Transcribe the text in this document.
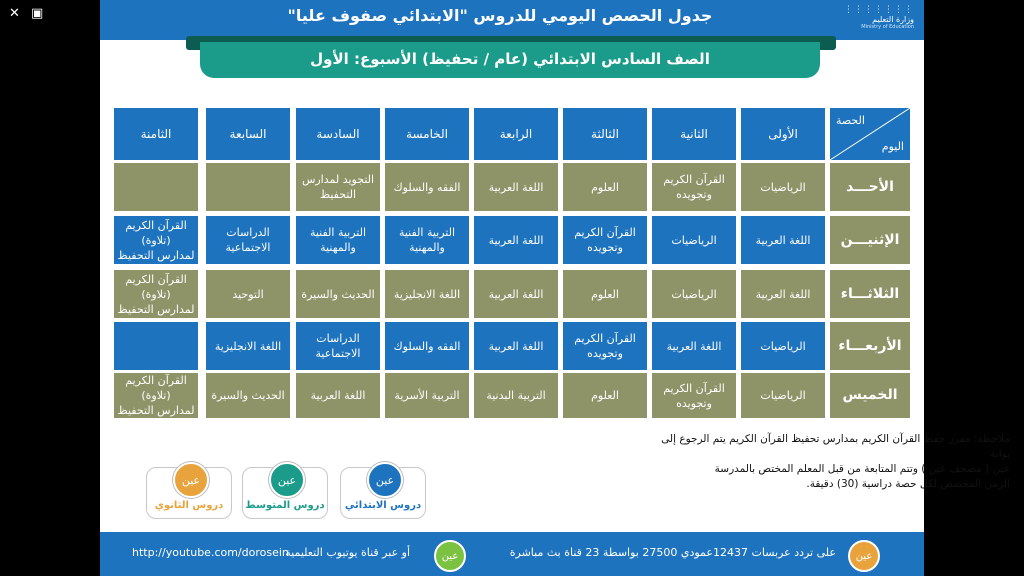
✕ ▣	جدول الحصص اليومي للدروس "الابتدائي صفوف عليا"	⋮⋮⋮⋮⋮⋮⋮
وزارة التعليم
Ministry of Education
الصف السادس الابتدائي (عام / تحفيظ) الأسبوع: الأول
الحصة
اليوم
الأولى
الثانية
الثالثة
الرابعة
الخامسة
السادسة
السابعة
الثامنة
الأحـــد
الرياضيات
القرآن الكريم
وتجويده
العلوم
اللغة العربية
الفقه والسلوك
التجويد لمدارس
التحفيظ
الإثنيـــن
اللغة العربية
الرياضيات
القرآن الكريم
وتجويده
اللغة العربية
التربية الفنية
والمهنية
التربية الفنية
والمهنية
الدراسات
الاجتماعية
القرآن الكريم (تلاوة)
لمدارس التحفيظ
الثلاثـــاء
اللغة العربية
الرياضيات
العلوم
اللغة العربية
اللغة الانجليزية
الحديث والسيرة
التوحيد
القرآن الكريم (تلاوة)
لمدارس التحفيظ
الأربعـــاء
الرياضيات
اللغة العربية
القرآن الكريم
وتجويده
اللغة العربية
الفقه والسلوك
الدراسات
الاجتماعية
اللغة الانجليزية
الخميس
الرياضيات
القرآن الكريم
وتجويده
العلوم
التربية البدنية
التربية الأسرية
اللغة العربية
الحديث والسيرة
القرآن الكريم (تلاوة)
لمدارس التحفيظ
ملاحظة: مقرر حفظ القرآن الكريم بمدارس تحفيظ القرآن الكريم يتم الرجوع إلى بوابة
عين ( مصحف عين ) وتتم المتابعة من قبل المعلم المختص بالمدرسة
الزمن المخصص لكل حصة دراسية (30) دقيقة.
عين
دروس الابتدائي
عين
دروس المتوسط
عين
دروس الثانوي
عين
على تردد عربسات 12437عمودي 27500 بواسطة 23 قناة بث مباشرة
عين
أو عبر قناة يوتيوب التعليمية
http://youtube.com/dorosein
